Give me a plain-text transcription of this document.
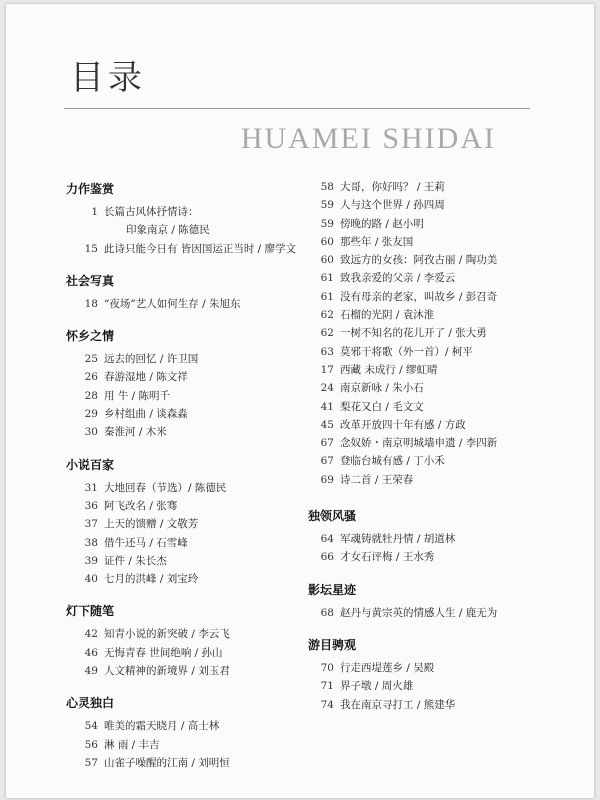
目录
HUAMEI SHIDAI
力作鉴赏
1 长篇古风体抒情诗：
印象南京 / 陈德民
15 此诗只能今日有 皆因国运正当时 / 廖学文
社会写真
18 “夜场”艺人如何生存 / 朱旭东
怀乡之情
25 远去的回忆 / 许卫国
26 春游湿地 / 陈文祥
28 用 牛 / 陈明千
29 乡村组曲 / 谈森淼
30 秦淮河 / 木米
小说百家
31 大地回春（节选）/ 陈德民
36 阿飞改名 / 张骞
37 上天的馈赠 / 文敬芳
38 借牛还马 / 石雪峰
39 证件 / 朱长杰
40 七月的洪峰 / 刘宝玲
灯下随笔
42 知青小说的新突破 / 李云飞
46 无悔青春 世间绝响 / 孙山
49 人文精神的新境界 / 刘玉君
心灵独白
54 唯美的霜天晓月 / 高士林
56 淋 雨 / 丰吉
57 山雀子噪醒的江南 / 刘明恒
58 大哥，你好吗？ / 王莉
59 人与这个世界 / 孙四周
59 傍晚的路 / 赵小明
60 那些年 / 张友国
60 致远方的女孩：阿孜古丽 / 陶功美
61 致我亲爱的父亲 / 李爱云
61 没有母亲的老家，叫故乡 / 彭召奇
62 石榴的光阴 / 袁沐淮
62 一树不知名的花儿开了 / 张大勇
63 莫邪干将歌（外一首）/ 柯平
17 西藏 未成行 / 缪虹晴
24 南京新咏 / 朱小石
41 梨花又白 / 毛文文
45 改革开放四十年有感 / 方政
67 念奴娇・南京明城墙申遗 / 李四新
67 登临台城有感 / 丁小禾
69 诗二首 / 王荣春
独领风骚
64 军魂铸就牡丹情 / 胡道林
66 才女石评梅 / 王水秀
影坛星迹
68 赵丹与黄宗英的情感人生 / 鹿无为
游目骋观
70 行走西堤莲乡 / 吴殿
71 界子墩 / 周火雄
74 我在南京寻打工 / 熊建华
